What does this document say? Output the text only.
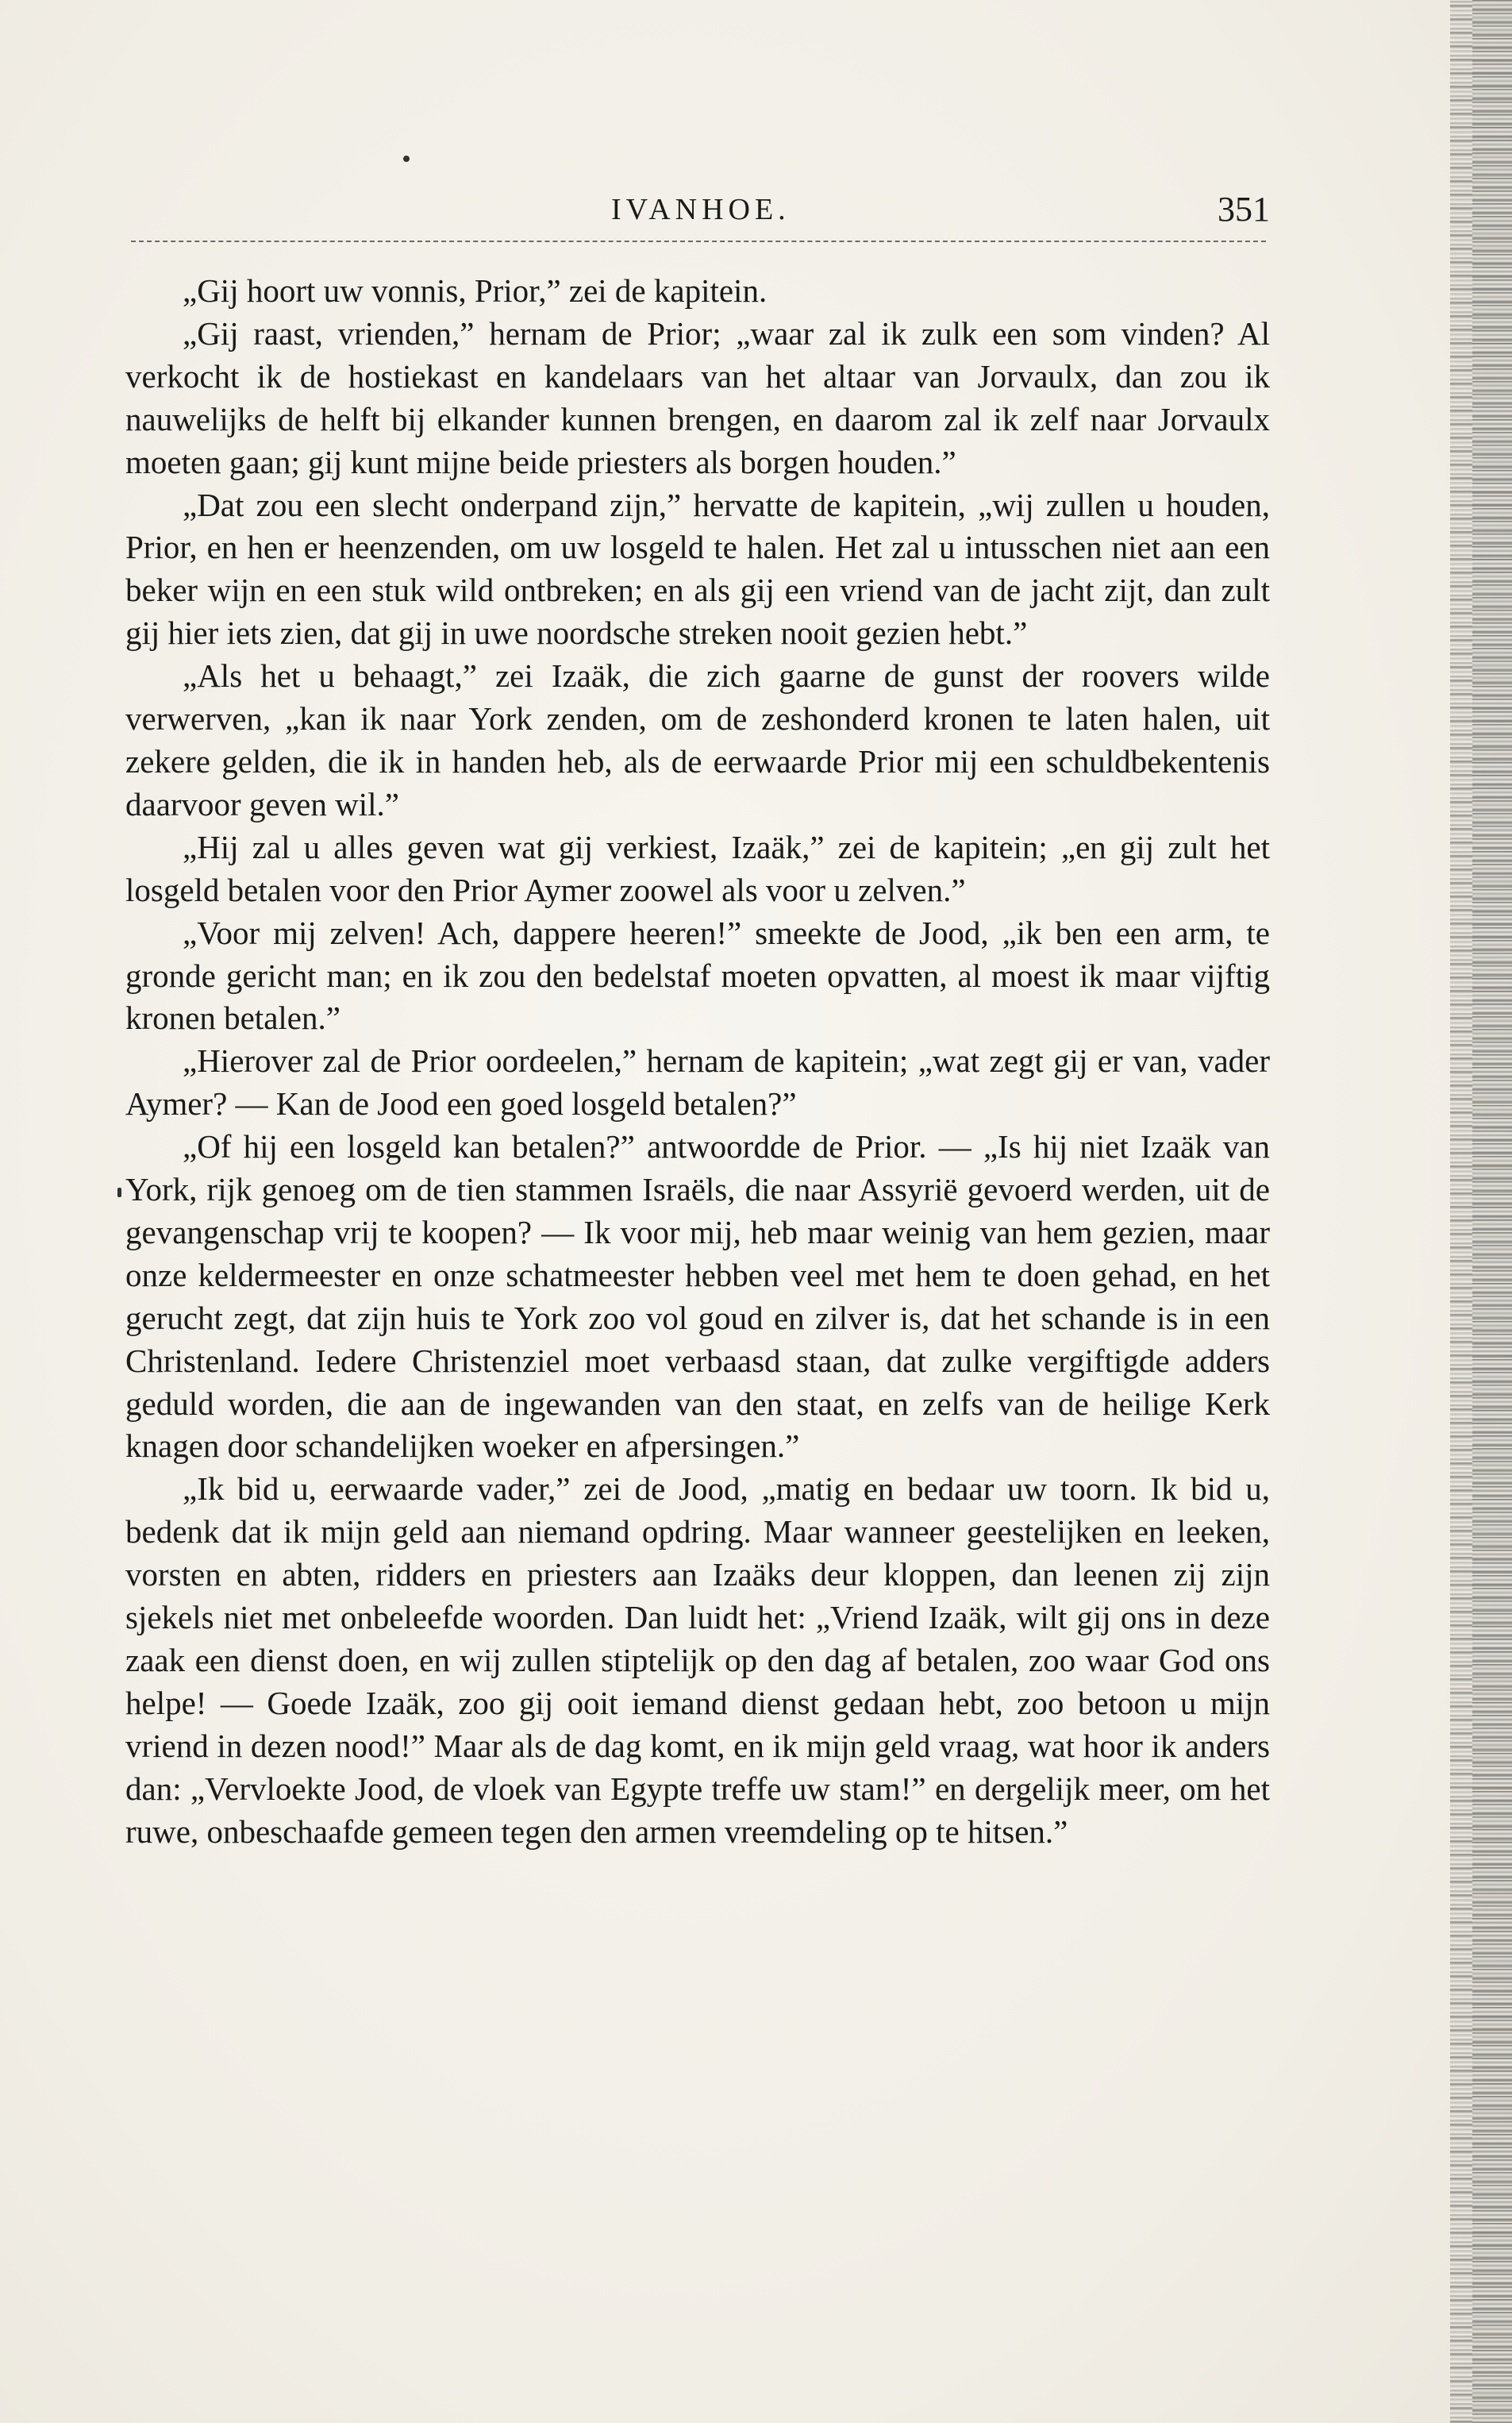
IVANHOE.	351

„Gij hoort uw vonnis, Prior,” zei de kapitein.

„Gij raast, vrienden,” hernam de Prior; „waar zal ik zulk een som vinden? Al verkocht ik de hostiekast en kandelaars van het altaar van Jorvaulx, dan zou ik nauwelijks de helft bij elkander kunnen brengen, en daarom zal ik zelf naar Jorvaulx moeten gaan; gij kunt mijne beide priesters als borgen houden.”

„Dat zou een slecht onderpand zijn,” hervatte de kapitein, „wij zullen u houden, Prior, en hen er heenzenden, om uw losgeld te halen. Het zal u intusschen niet aan een beker wijn en een stuk wild ontbreken; en als gij een vriend van de jacht zijt, dan zult gij hier iets zien, dat gij in uwe noordsche streken nooit gezien hebt.”

„Als het u behaagt,” zei Izaäk, die zich gaarne de gunst der roovers wilde verwerven, „kan ik naar York zenden, om de zeshonderd kronen te laten halen, uit zekere gelden, die ik in handen heb, als de eerwaarde Prior mij een schuldbekentenis daarvoor geven wil.”

„Hij zal u alles geven wat gij verkiest, Izaäk,” zei de kapitein; „en gij zult het losgeld betalen voor den Prior Aymer zoowel als voor u zelven.”

„Voor mij zelven! Ach, dappere heeren!” smeekte de Jood, „ik ben een arm, te gronde gericht man; en ik zou den bedelstaf moeten opvatten, al moest ik maar vijftig kronen betalen.”

„Hierover zal de Prior oordeelen,” hernam de kapitein; „wat zegt gij er van, vader Aymer? — Kan de Jood een goed losgeld betalen?”

„Of hij een losgeld kan betalen?” antwoordde de Prior. — „Is hij niet Izaäk van York, rijk genoeg om de tien stammen Israëls, die naar Assyrië gevoerd werden, uit de gevangenschap vrij te koopen? — Ik voor mij, heb maar weinig van hem gezien, maar onze keldermeester en onze schatmeester hebben veel met hem te doen gehad, en het gerucht zegt, dat zijn huis te York zoo vol goud en zilver is, dat het schande is in een Christenland. Iedere Christenziel moet verbaasd staan, dat zulke vergiftigde adders geduld worden, die aan de ingewanden van den staat, en zelfs van de heilige Kerk knagen door schandelijken woeker en afpersingen.”

„Ik bid u, eerwaarde vader,” zei de Jood, „matig en bedaar uw toorn. Ik bid u, bedenk dat ik mijn geld aan niemand opdring. Maar wanneer geestelijken en leeken, vorsten en abten, ridders en priesters aan Izaäks deur kloppen, dan leenen zij zijn sjekels niet met onbeleefde woorden. Dan luidt het: „Vriend Izaäk, wilt gij ons in deze zaak een dienst doen, en wij zullen stiptelijk op den dag af betalen, zoo waar God ons helpe! — Goede Izaäk, zoo gij ooit iemand dienst gedaan hebt, zoo betoon u mijn vriend in dezen nood!” Maar als de dag komt, en ik mijn geld vraag, wat hoor ik anders dan: „Vervloekte Jood, de vloek van Egypte treffe uw stam!” en dergelijk meer, om het ruwe, onbeschaafde gemeen tegen den armen vreemdeling op te hitsen.”
